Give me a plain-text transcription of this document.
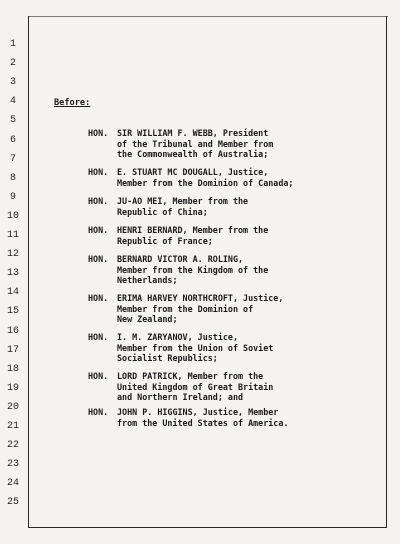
1
2
3
4
5
6
7
8
9
10
11
12
13
14
15
16
17
18
19
20
21
22
23
24
25
Before:
HON. SIR WILLIAM F. WEBB, President
of the Tribunal and Member from
the Commonwealth of Australia;
HON. E. STUART MC DOUGALL, Justice,
Member from the Dominion of Canada;
HON. JU-AO MEI, Member from the
Republic of China;
HON. HENRI BERNARD, Member from the
Republic of France;
HON. BERNARD VICTOR A. ROLING,
Member from the Kingdom of the
Netherlands;
HON. ERIMA HARVEY NORTHCROFT, Justice,
Member from the Dominion of
New Zealand;
HON. I. M. ZARYANOV, Justice,
Member from the Union of Soviet
Socialist Republics;
HON. LORD PATRICK, Member from the
United Kingdom of Great Britain
and Northern Ireland; and
HON. JOHN P. HIGGINS, Justice, Member
from the United States of America.
